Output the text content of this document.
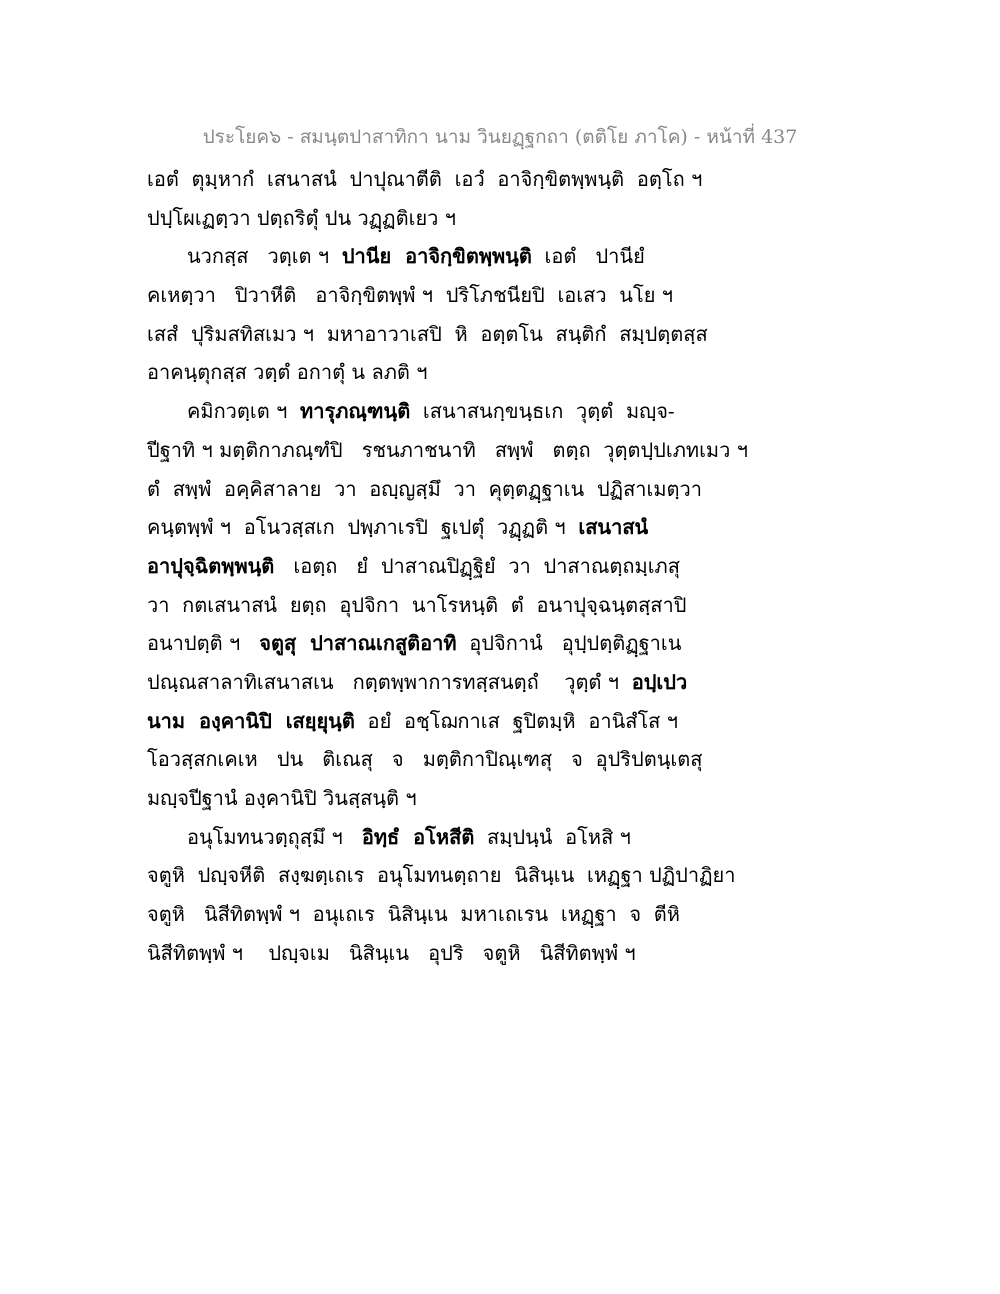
ประโยค๖ - สมนฺตปาสาทิกา นาม วินยฏฺฐกถา (ตติโย ภาโค) - หน้าที่ 437
เอตํ  ตุมฺหากํ  เสนาสนํ  ปาปุณาตีติ  เอวํ  อาจิกฺขิตพฺพนฺติ  อตฺโถ ฯ
ปปฺโผเฏตฺวา ปตฺถริตุํ ปน วฏฺฏติเยว ฯ
นวกสฺส   วตฺเต ฯ  ปานีย  อาจิกฺขิตพฺพนฺติ  เอตํ   ปานียํ
คเหตฺวา   ปิวาหีติ   อาจิกฺขิตพฺพํ ฯ  ปริโภชนียปิ  เอเสว  นโย ฯ
เสสํ  ปุริมสทิสเมว ฯ  มหาอาวาเสปิ  หิ  อตฺตโน  สนฺติกํ  สมฺปตฺตสฺส
อาคนฺตุกสฺส วตฺตํ อกาตุํ น ลภติ ฯ
คมิกวตฺเต ฯ  ทารุภณฺฑนฺติ  เสนาสนกฺขนฺธเก  วุตฺตํ  มญฺจ-
ปีฐาทิ ฯ มตฺติกาภณฺฑํปิ   รชนภาชนาทิ   สพฺพํ   ตตฺถ  วุตฺตปฺปเภทเมว ฯ
ตํ  สพฺพํ  อคฺคิสาลาย  วา  อญฺญสฺมึ  วา  คุตฺตฏฺฐาเน  ปฏิสาเมตฺวา
คนฺตพฺพํ ฯ  อโนวสฺสเก  ปพฺภาเรปิ  ฐเปตุํ  วฏฺฏติ ฯ  เสนาสนํ
อาปุจฺฉิตพฺพนฺติ   เอตฺถ   ยํ  ปาสาณปิฏฺฐิยํ  วา  ปาสาณตฺถมฺเภสุ
วา  กตเสนาสนํ  ยตฺถ  อุปจิกา  นาโรหนฺติ  ตํ  อนาปุจฺฉนฺตสฺสาปิ
อนาปตฺติ ฯ   จตูสุ  ปาสาณเกสูติอาทิ  อุปจิกานํ   อุปฺปตฺติฏฺฐาเน
ปณฺณสาลาทิเสนาสเน   กตฺตพฺพาการทสฺสนตฺถํ    วุตฺตํ ฯ  อปฺเปว
นาม  องฺคานิปิ  เสยฺยุนฺติ  อยํ  อชฺโฌกาเส  ฐปิตมฺหิ  อานิสํโส ฯ
โอวสฺสกเคเห   ปน   ติเณสุ   จ   มตฺติกาปิณฺเฑสุ   จ  อุปริปตนฺเตสุ
มญฺจปีฐานํ องฺคานิปิ วินสฺสนฺติ ฯ
อนุโมทนวตฺถุสฺมึ ฯ   อิทฺธํ  อโหสีติ  สมฺปนฺนํ  อโหสิ ฯ
จตูหิ  ปญฺจหีติ  สงฺฆตฺเถเร  อนุโมทนตฺถาย  นิสินฺเน  เหฏฺฐา ปฏิปาฏิยา
จตูหิ   นิสีทิตพฺพํ ฯ  อนุเถเร  นิสินฺเน  มหาเถเรน  เหฏฺฐา  จ  ตีหิ
นิสีทิตพฺพํ ฯ    ปญฺจเม   นิสินฺเน   อุปริ   จตูหิ   นิสีทิตพฺพํ ฯ
